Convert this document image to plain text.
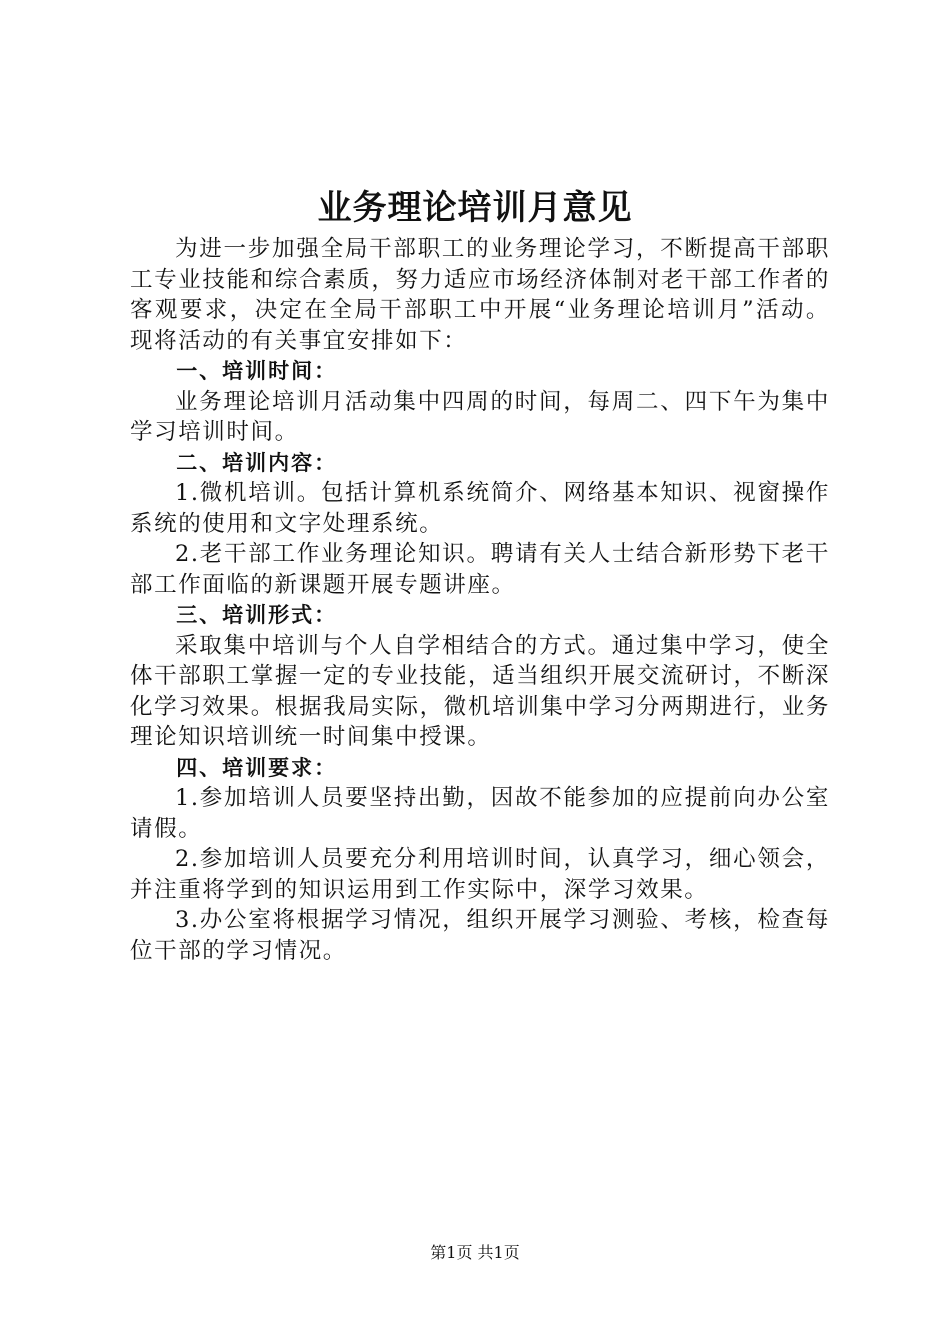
业务理论培训月意见

为进一步加强全局干部职工的业务理论学习，不断提高干部职工专业技能和综合素质，努力适应市场经济体制对老干部工作者的客观要求，决定在全局干部职工中开展“业务理论培训月”活动。现将活动的有关事宜安排如下：

一、培训时间：

业务理论培训月活动集中四周的时间，每周二、四下午为集中学习培训时间。

二、培训内容：

1.微机培训。包括计算机系统简介、网络基本知识、视窗操作系统的使用和文字处理系统。

2.老干部工作业务理论知识。聘请有关人士结合新形势下老干部工作面临的新课题开展专题讲座。

三、培训形式：

采取集中培训与个人自学相结合的方式。通过集中学习，使全体干部职工掌握一定的专业技能，适当组织开展交流研讨，不断深化学习效果。根据我局实际，微机培训集中学习分两期进行，业务理论知识培训统一时间集中授课。

四、培训要求：

1.参加培训人员要坚持出勤，因故不能参加的应提前向办公室请假。

2.参加培训人员要充分利用培训时间，认真学习，细心领会，并注重将学到的知识运用到工作实际中，深学习效果。

3.办公室将根据学习情况，组织开展学习测验、考核，检查每位干部的学习情况。

第1页 共1页
